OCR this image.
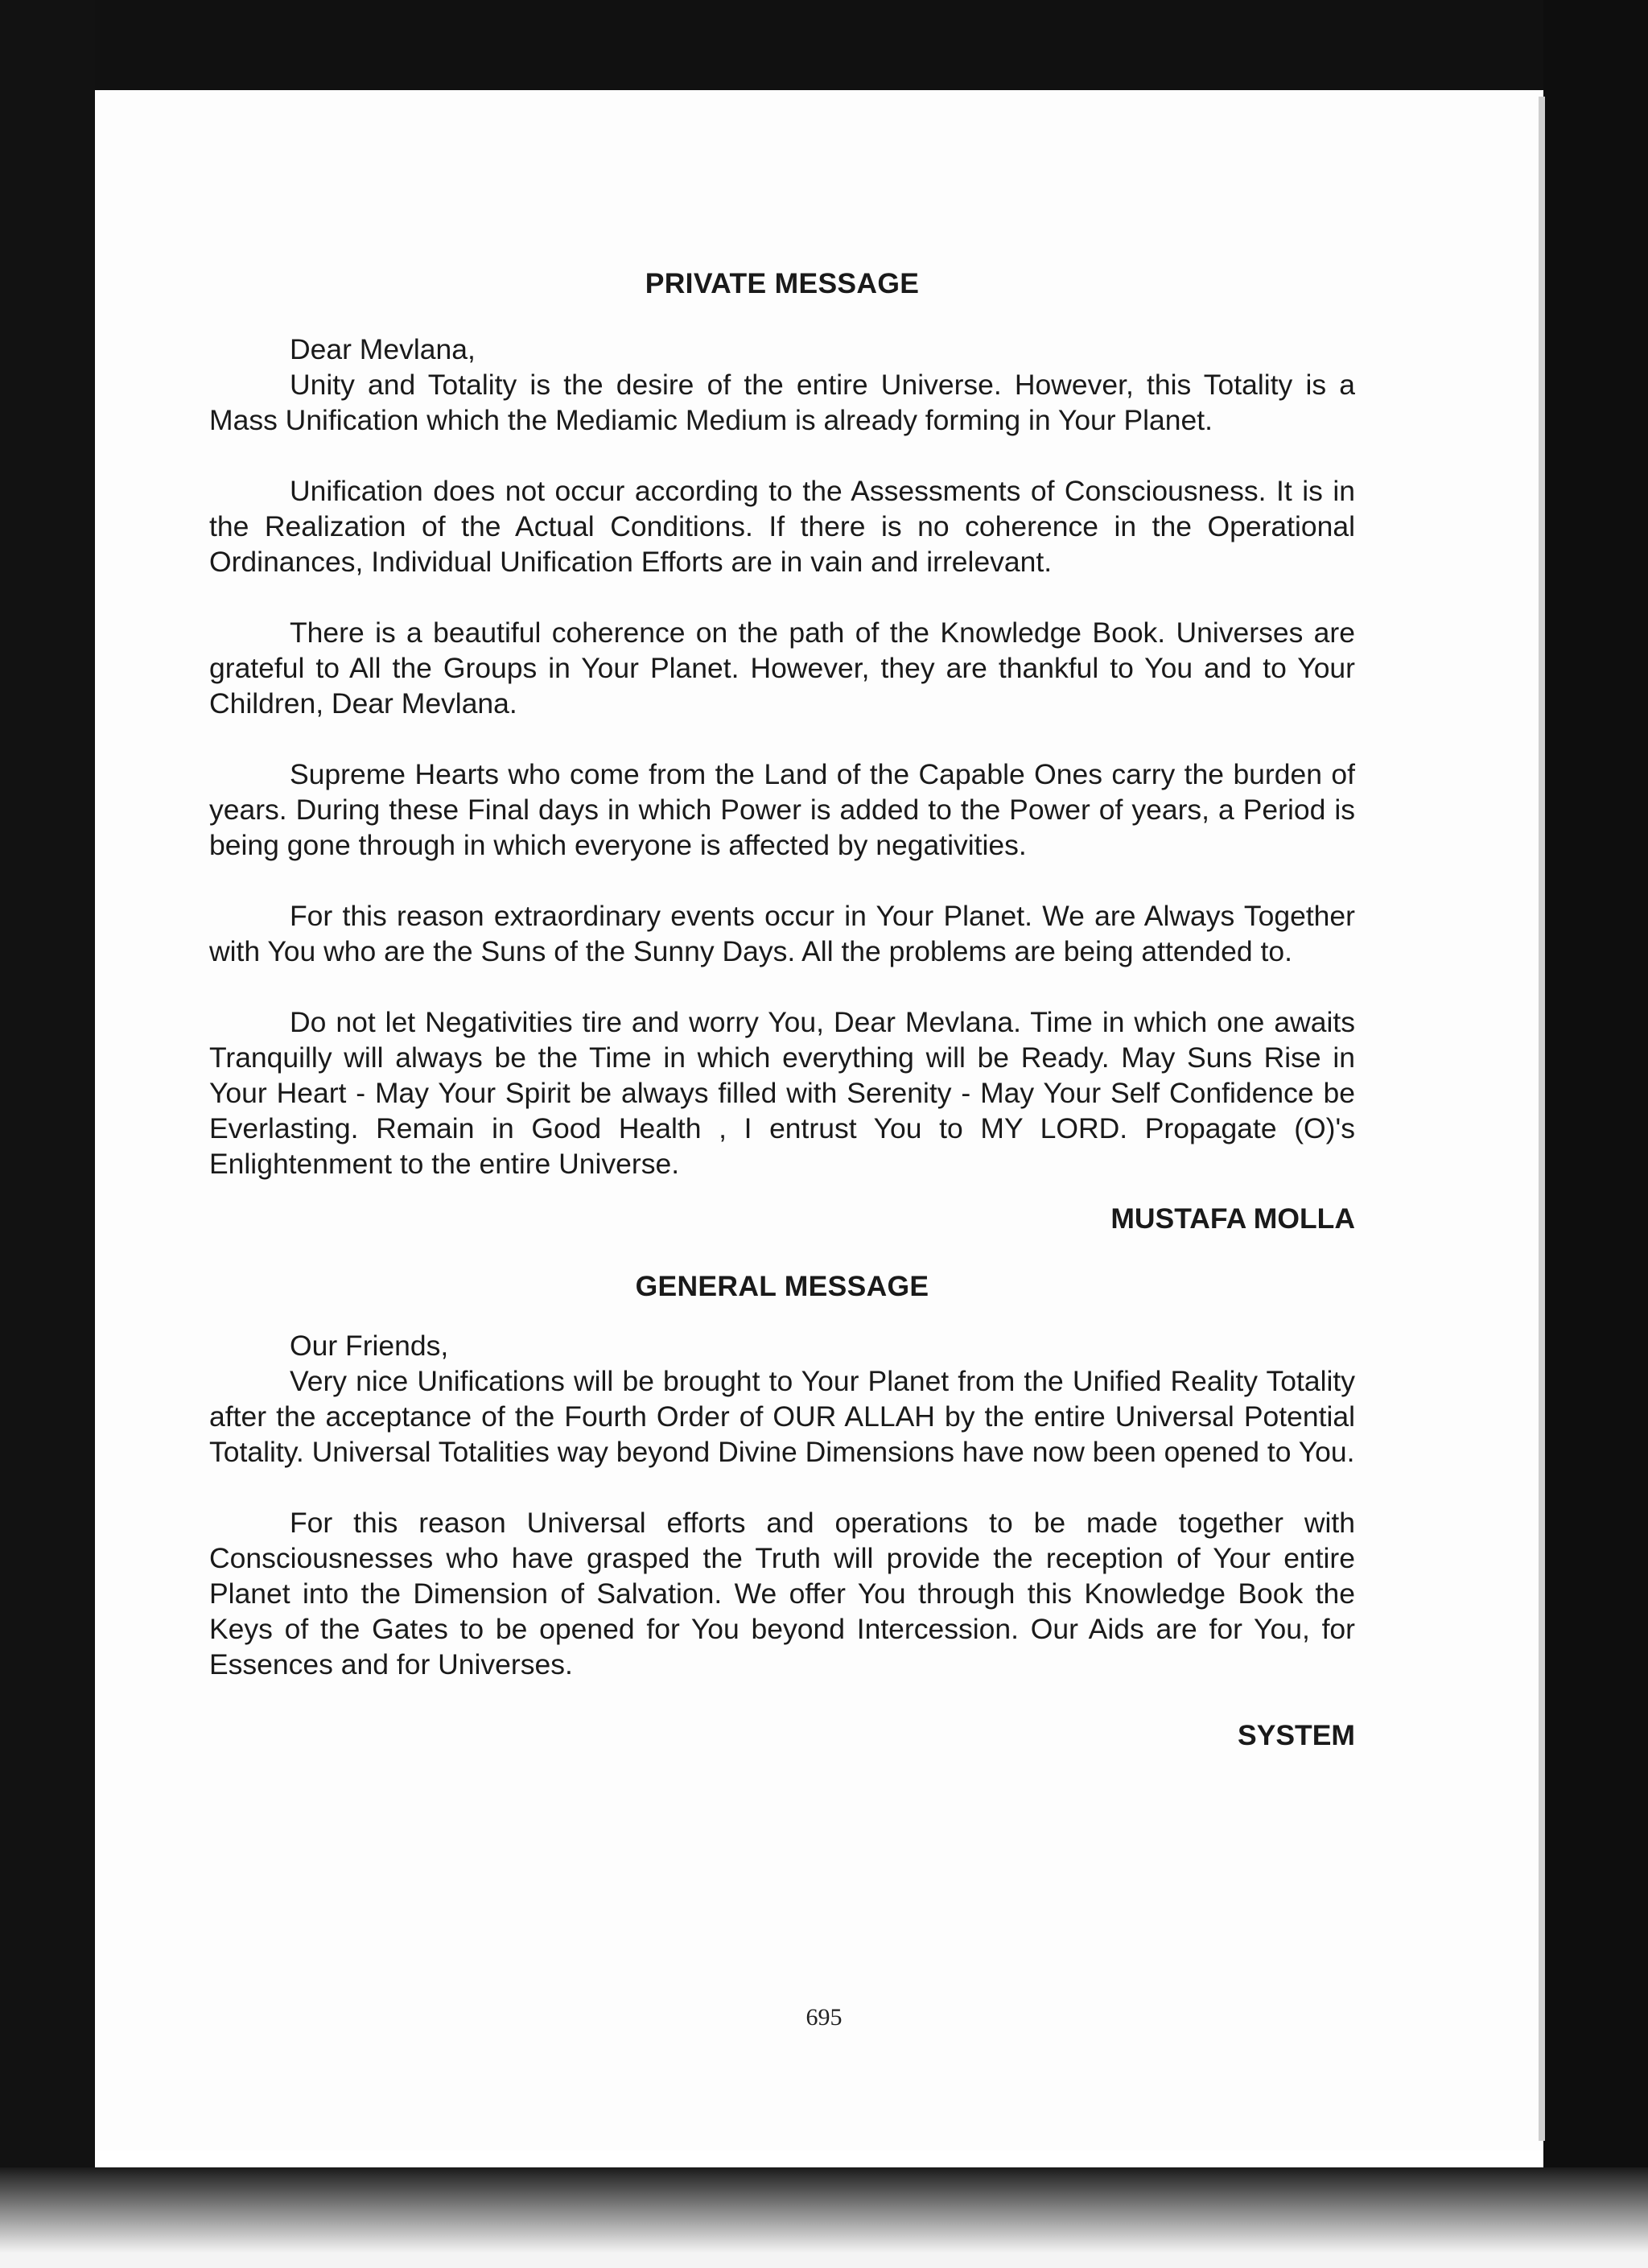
PRIVATE MESSAGE

Dear Mevlana,

Unity and Totality is the desire of the entire Universe. However, this Totality is a Mass Unification which the Mediamic Medium is already forming in Your Planet.

Unification does not occur according to the Assessments of Consciousness. It is in the Realization of the Actual Conditions. If there is no coherence in the Operational Ordinances, Individual Unification Efforts are in vain and irrelevant.

There is a beautiful coherence on the path of the Knowledge Book. Universes are grateful to All the Groups in Your Planet. However, they are thankful to You and to Your Children, Dear Mevlana.

Supreme Hearts who come from the Land of the Capable Ones carry the burden of years. During these Final days in which Power is added to the Power of years, a Period is being gone through in which everyone is affected by negativities.

For this reason extraordinary events occur in Your Planet. We are Always Together with You who are the Suns of the Sunny Days. All the problems are being attended to.

Do not let Negativities tire and worry You, Dear Mevlana. Time in which one awaits Tranquilly will always be the Time in which everything will be Ready. May Suns Rise in Your Heart - May Your Spirit be always filled with Serenity - May Your Self Confidence be Everlasting. Remain in Good Health , I entrust You to MY LORD. Propagate (O)'s Enlightenment to the entire Universe.

MUSTAFA MOLLA

GENERAL MESSAGE

Our Friends,

Very nice Unifications will be brought to Your Planet from the Unified Reality Totality after the acceptance of the Fourth Order of OUR ALLAH by the entire Universal Potential Totality. Universal Totalities way beyond Divine Dimensions have now been opened to You.

For this reason Universal efforts and operations to be made together with Consciousnesses who have grasped the Truth will provide the reception of Your entire Planet into the Dimension of Salvation. We offer You through this Knowledge Book the Keys of the Gates to be opened for You beyond Intercession. Our Aids are for You, for Essences and for Universes.

SYSTEM

695
